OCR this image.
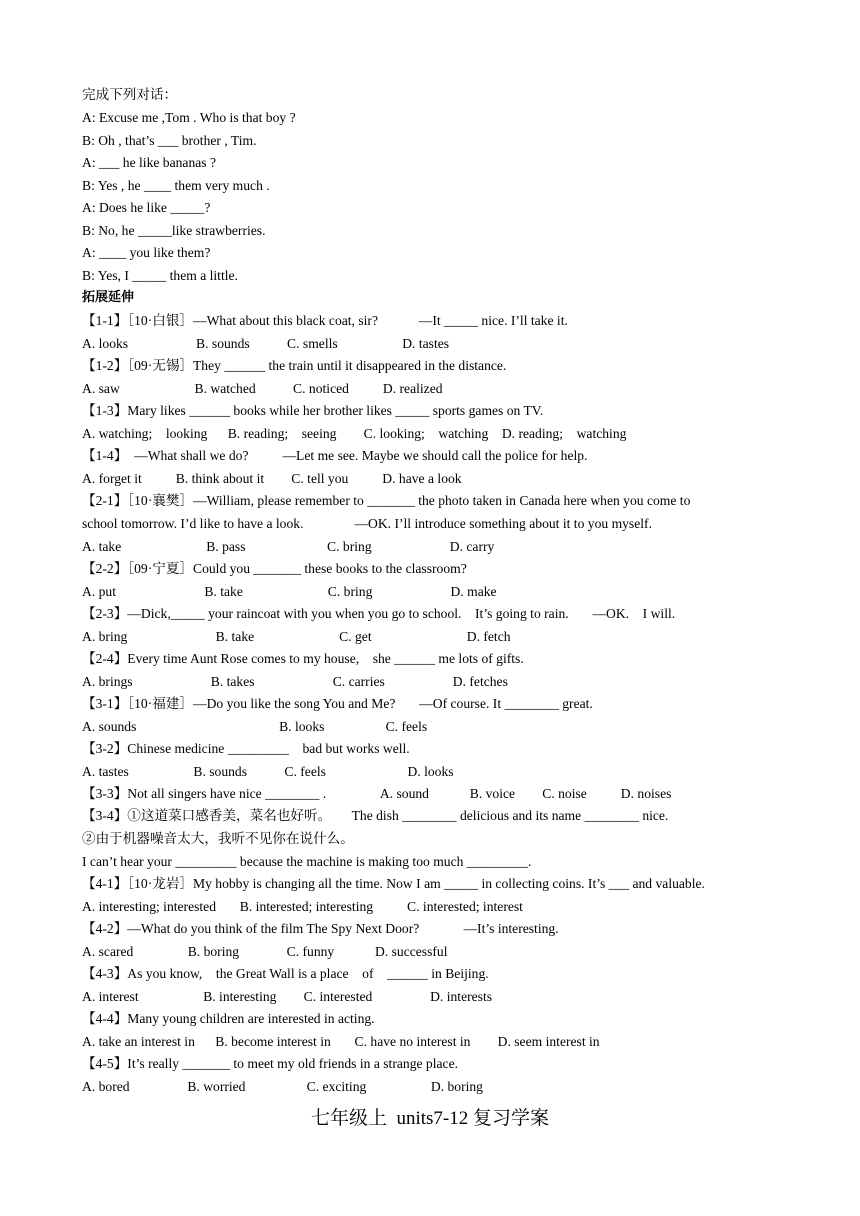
完成下列对话：
A: Excuse me ,Tom . Who is that boy ?
B: Oh , that’s ___ brother , Tim.
A: ___ he like bananas ?
B: Yes , he ____ them very much .
A: Does he like _____?
B: No, he _____like strawberries.
A: ____ you like them?
B: Yes, I _____ them a little.
拓展延伸
【1-1】［10·白银］—What about this black coat, sir?            —It _____ nice. I’ll take it.
A. looks                    B. sounds           C. smells                   D. tastes
【1-2】［09·无锡］They ______ the train until it disappeared in the distance.
A. saw                      B. watched           C. noticed          D. realized
【1-3】Mary likes ______ books while her brother likes _____ sports games on TV.
A. watching;    looking      B. reading;    seeing        C. looking;    watching    D. reading;    watching
【1-4】  —What shall we do?          —Let me see. Maybe we should call the police for help.
A. forget it          B. think about it        C. tell you          D. have a look
【2-1】［10·襄樊］—William, please remember to _______ the photo taken in Canada here when you come to
school tomorrow. I’d like to have a look.               —OK. I’ll introduce something about it to you myself.
A. take                         B. pass                        C. bring                       D. carry
【2-2】［09·宁夏］Could you _______ these books to the classroom?
A. put                          B. take                         C. bring                       D. make
【2-3】—Dick,_____ your raincoat with you when you go to school.    It’s going to rain.       —OK.    I will.
A. bring                          B. take                         C. get                            D. fetch
【2-4】Every time Aunt Rose comes to my house,    she ______ me lots of gifts.
A. brings                       B. takes                       C. carries                    D. fetches
【3-1】［10·福建］—Do you like the song You and Me?       —Of course. It ________ great.
A. sounds                                          B. looks                  C. feels
【3-2】Chinese medicine _________    bad but works well.
A. tastes                   B. sounds           C. feels                        D. looks
【3-3】Not all singers have nice ________ .                A. sound            B. voice        C. noise          D. noises
【3-4】①这道菜口感香美，菜名也好听。      The dish ________ delicious and its name ________ nice.
②由于机器噪音太大，我听不见你在说什么。
I can’t hear your _________ because the machine is making too much _________.
【4-1】［10·龙岩］My hobby is changing all the time. Now I am _____ in collecting coins. It’s ___ and valuable.
A. interesting; interested       B. interested; interesting          C. interested; interest
【4-2】—What do you think of the film The Spy Next Door?             —It’s interesting.
A. scared                B. boring              C. funny            D. successful
【4-3】As you know,    the Great Wall is a place    of    ______ in Beijing.
A. interest                   B. interesting        C. interested                 D. interests
【4-4】Many young children are interested in acting.
A. take an interest in      B. become interest in       C. have no interest in        D. seem interest in
【4-5】It’s really _______ to meet my old friends in a strange place.
A. bored                 B. worried                  C. exciting                   D. boring
七年级上  units7-12 复习学案
